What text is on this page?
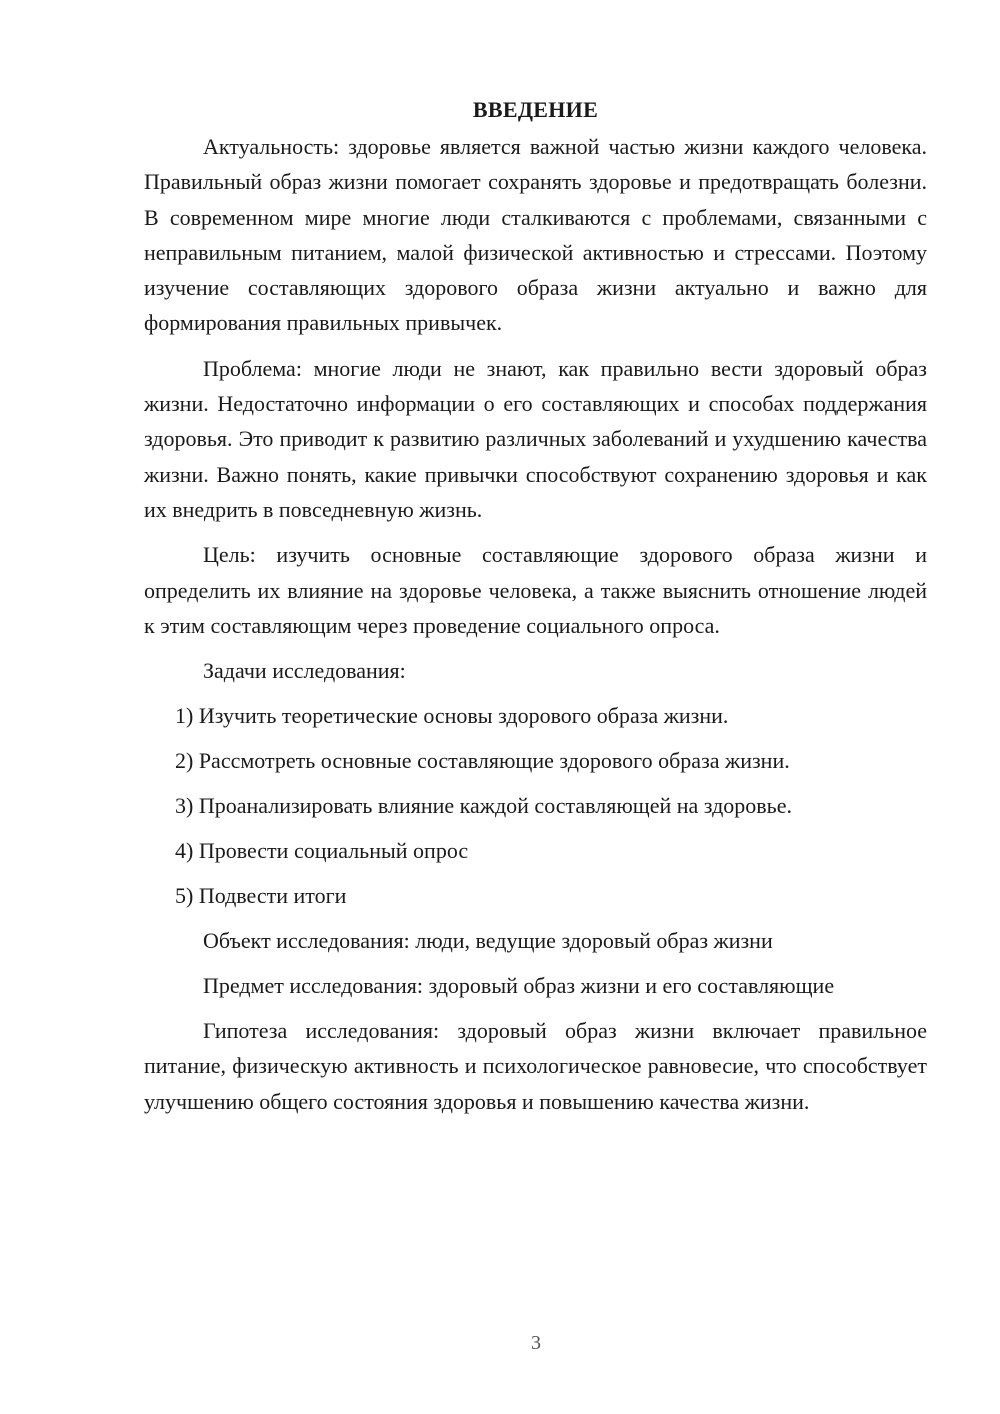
ВВЕДЕНИЕ

Актуальность: здоровье является важной частью жизни каждого человека. Правильный образ жизни помогает сохранять здоровье и предотвращать болезни. В современном мире многие люди сталкиваются с проблемами, связанными с неправильным питанием, малой физической активностью и стрессами. Поэтому изучение составляющих здорового образа жизни актуально и важно для формирования правильных привычек.

Проблема: многие люди не знают, как правильно вести здоровый образ жизни. Недостаточно информации о его составляющих и способах поддержания здоровья. Это приводит к развитию различных заболеваний и ухудшению качества жизни. Важно понять, какие привычки способствуют сохранению здоровья и как их внедрить в повседневную жизнь.

Цель: изучить основные составляющие здорового образа жизни и определить их влияние на здоровье человека, а также выяснить отношение людей к этим составляющим через проведение социального опроса.

Задачи исследования:
1) Изучить теоретические основы здорового образа жизни.
2) Рассмотреть основные составляющие здорового образа жизни.
3) Проанализировать влияние каждой составляющей на здоровье.
4) Провести социальный опрос
5) Подвести итоги
Объект исследования: люди, ведущие здоровый образ жизни
Предмет исследования: здоровый образ жизни и его составляющие

Гипотеза исследования: здоровый образ жизни включает правильное питание, физическую активность и психологическое равновесие, что способствует улучшению общего состояния здоровья и повышению качества жизни.

3
